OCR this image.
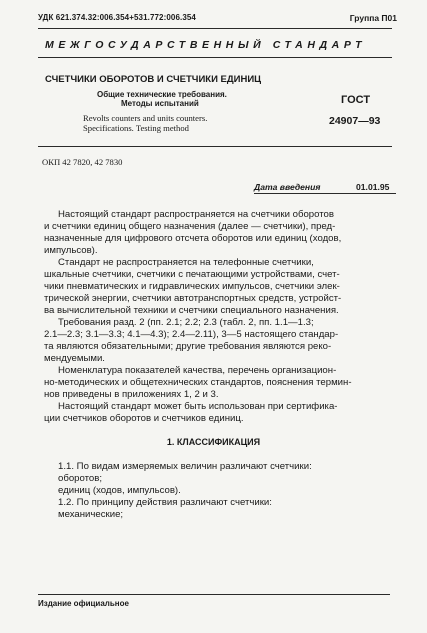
УДК 621.374.32:006.354+531.772:006.354	Группа П01
МЕЖГОСУДАРСТВЕННЫЙ СТАНДАРТ
СЧЕТЧИКИ ОБОРОТОВ И СЧЕТЧИКИ ЕДИНИЦ
Общие технические требования.
Методы испытаний
Revolts counters and units counters.
Specifications. Testing method
ГОСТ
24907—93
ОКП 42 7820, 42 7830
Дата введения	01.01.95
Настоящий стандарт распространяется на счетчики оборотов
и счетчики единиц общего назначения (далее — счетчики), пред-
назначенные для цифрового отсчета оборотов или единиц (ходов,
импульсов).
Стандарт не распространяется на телефонные счетчики,
шкальные счетчики, счетчики с печатающими устройствами, счет-
чики пневматических и гидравлических импульсов, счетчики элек-
трической энергии, счетчики автотранспортных средств, устройст-
ва вычислительной техники и счетчики специального назначения.
Требования разд. 2 (пп. 2.1; 2.2; 2.3 (табл. 2, пп. 1.1—1.3;
2.1—2.3; 3.1—3.3; 4.1—4.3); 2.4—2.11), 3—5 настоящего стандар-
та являются обязательными; другие требования являются реко-
мендуемыми.
Номенклатура показателей качества, перечень организацион-
но-методических и общетехнических стандартов, пояснения термин-
нов приведены в приложениях 1, 2 и 3.
Настоящий стандарт может быть использован при сертифика-
ции счетчиков оборотов и счетчиков единиц.
1. КЛАССИФИКАЦИЯ
1.1. По видам измеряемых величин различают счетчики:
оборотов;
единиц (ходов, импульсов).
1.2. По принципу действия различают счетчики:
механические;
Издание официальное
